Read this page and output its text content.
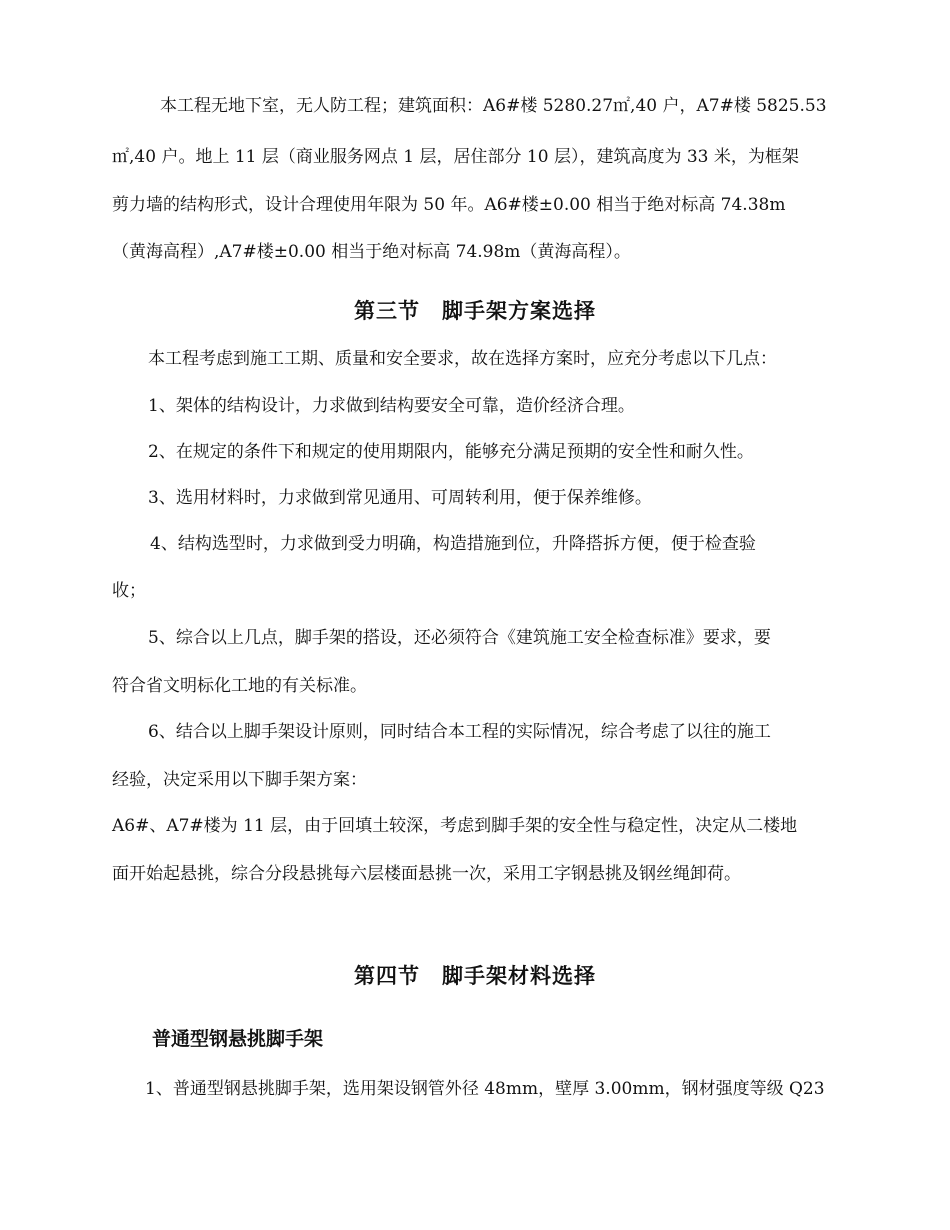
本工程无地下室，无人防工程；建筑面积：A6#楼 5280.27㎡,40 户，A7#楼 5825.53
㎡,40 户。地上 11 层（商业服务网点 1 层，居住部分 10 层），建筑高度为 33 米，为框架
剪力墙的结构形式，设计合理使用年限为 50 年。A6#楼±0.00 相当于绝对标高 74.38m
（黄海高程）,A7#楼±0.00 相当于绝对标高 74.98m（黄海高程）。
第三节　脚手架方案选择
本工程考虑到施工工期、质量和安全要求，故在选择方案时，应充分考虑以下几点：
1、架体的结构设计，力求做到结构要安全可靠，造价经济合理。
2、在规定的条件下和规定的使用期限内，能够充分满足预期的安全性和耐久性。
3、选用材料时，力求做到常见通用、可周转利用，便于保养维修。
4、结构选型时，力求做到受力明确，构造措施到位，升降搭拆方便，便于检查验
收；
5、综合以上几点，脚手架的搭设，还必须符合《建筑施工安全检查标准》要求，要
符合省文明标化工地的有关标准。
6、结合以上脚手架设计原则，同时结合本工程的实际情况，综合考虑了以往的施工
经验，决定采用以下脚手架方案：
A6#、A7#楼为 11 层，由于回填土较深，考虑到脚手架的安全性与稳定性，决定从二楼地
面开始起悬挑，综合分段悬挑每六层楼面悬挑一次，采用工字钢悬挑及钢丝绳卸荷。
第四节　脚手架材料选择
普通型钢悬挑脚手架
1、普通型钢悬挑脚手架，选用架设钢管外径 48mm，壁厚 3.00mm，钢材强度等级 Q23
